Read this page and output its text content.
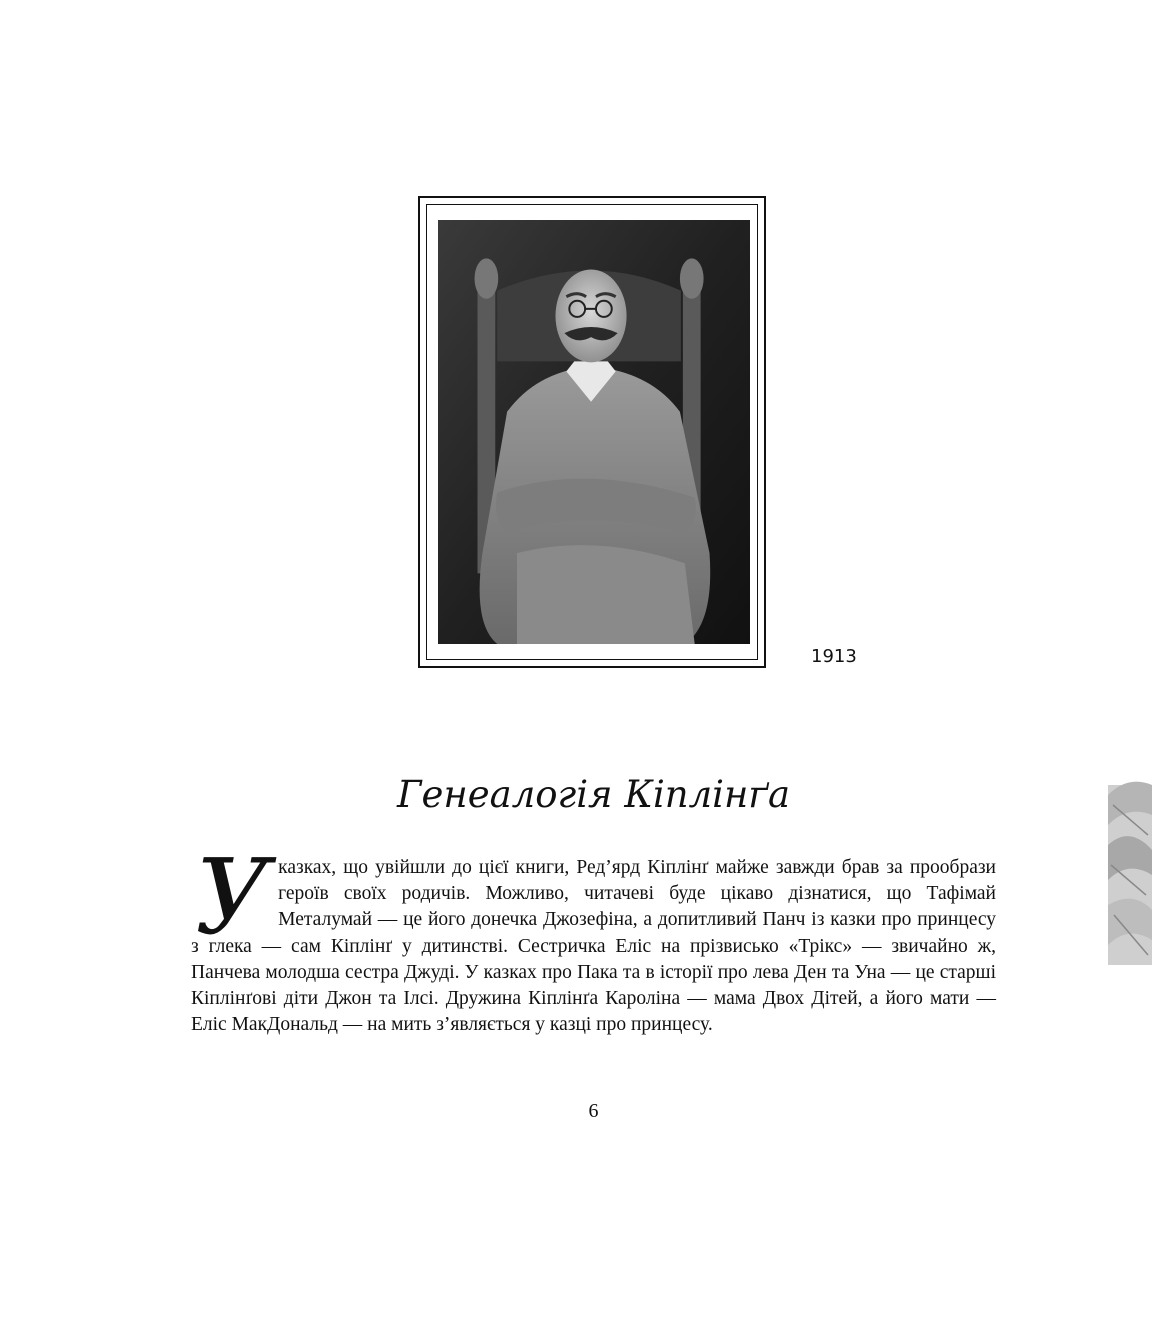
1913
Генеалогія Кіплінґа

Указках, що увійшли до цієї книги, Ред’ярд Кіплінґ майже завжди брав за прообрази героїв своїх родичів. Можливо, читачеві буде цікаво дізнатися, що Тафімай Металумай — це його донечка Джозефіна, а допитливий Панч із казки про принцесу з глека — сам Кіплінґ у дитинстві. Сестричка Еліс на прізвисько «Трікс» — звичайно ж, Панчева молодша сестра Джуді. У казках про Пака та в історії про лева Ден та Уна — це старші Кіплінґові діти Джон та Ілсі. Дружина Кіплінґа Кароліна — мама Двох Дітей, а його мати — Еліс МакДональд — на мить з’являється у казці про принцесу.

6
